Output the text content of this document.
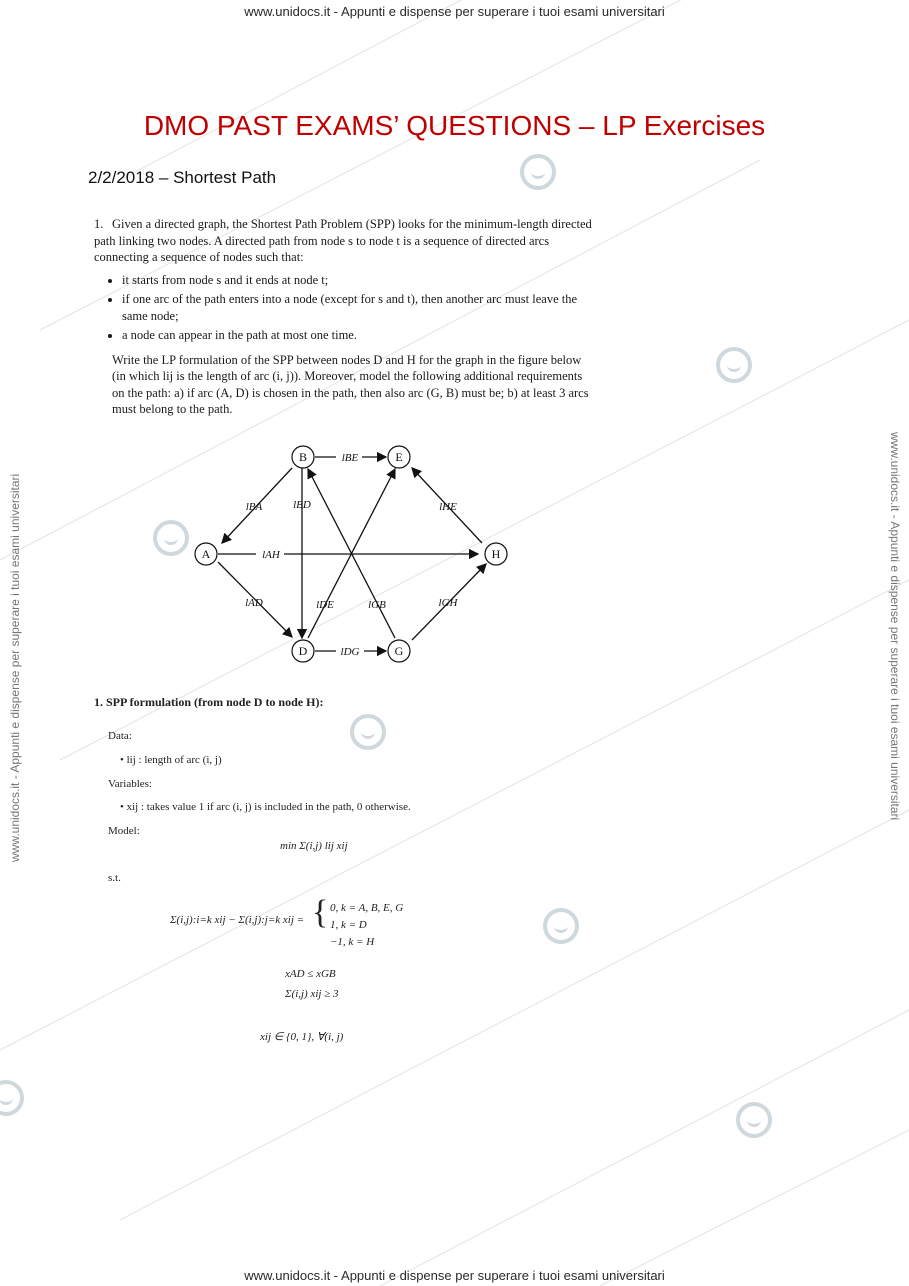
www.unidocs.it - Appunti e dispense per superare i tuoi esami universitari
www.unidocs.it - Appunti e dispense per superare i tuoi esami universitari
www.unidocs.it - Appunti e dispense per superare i tuoi esami universitari	www.unidocs.it - Appunti e dispense per superare i tuoi esami universitari
DMO PAST EXAMS’ QUESTIONS – LP Exercises
2/2/2018 – Shortest Path

1. Given a directed graph, the Shortest Path Problem (SPP) looks for the minimum-length directed path linking two nodes. A directed path from node s to node t is a sequence of directed arcs connecting a sequence of nodes such that:

• it starts from node s and it ends at node t;
• if one arc of the path enters into a node (except for s and t), then another arc must leave the same node;
• a node can appear in the path at most one time.

Write the LP formulation of the SPP between nodes D and H for the graph in the figure below (in which lij is the length of arc (i, j)). Moreover, model the following additional requirements on the path: a) if arc (A, D) is chosen in the path, then also arc (G, B) must be; b) at least 3 arcs must belong to the path.

B	E
A	H
D	G
lBE
lBA	lBD	lHE
lAH
lAD	lDE	lGB	lGH
lDG
1. SPP formulation (from node D to node H):
Data:
• lij : length of arc (i, j)
Variables:
• xij : takes value 1 if arc (i, j) is included in the path, 0 otherwise.
Model:
min Σ(i,j) lij xij
s.t.
Σ(i,j):i=k xij − Σ(i,j):j=k xij = { 0, k = A, B, E, G
1, k = D
−1, k = H
xAD ≤ xGB
Σ(i,j) xij ≥ 3
xij ∈ {0, 1}, ∀(i, j)
